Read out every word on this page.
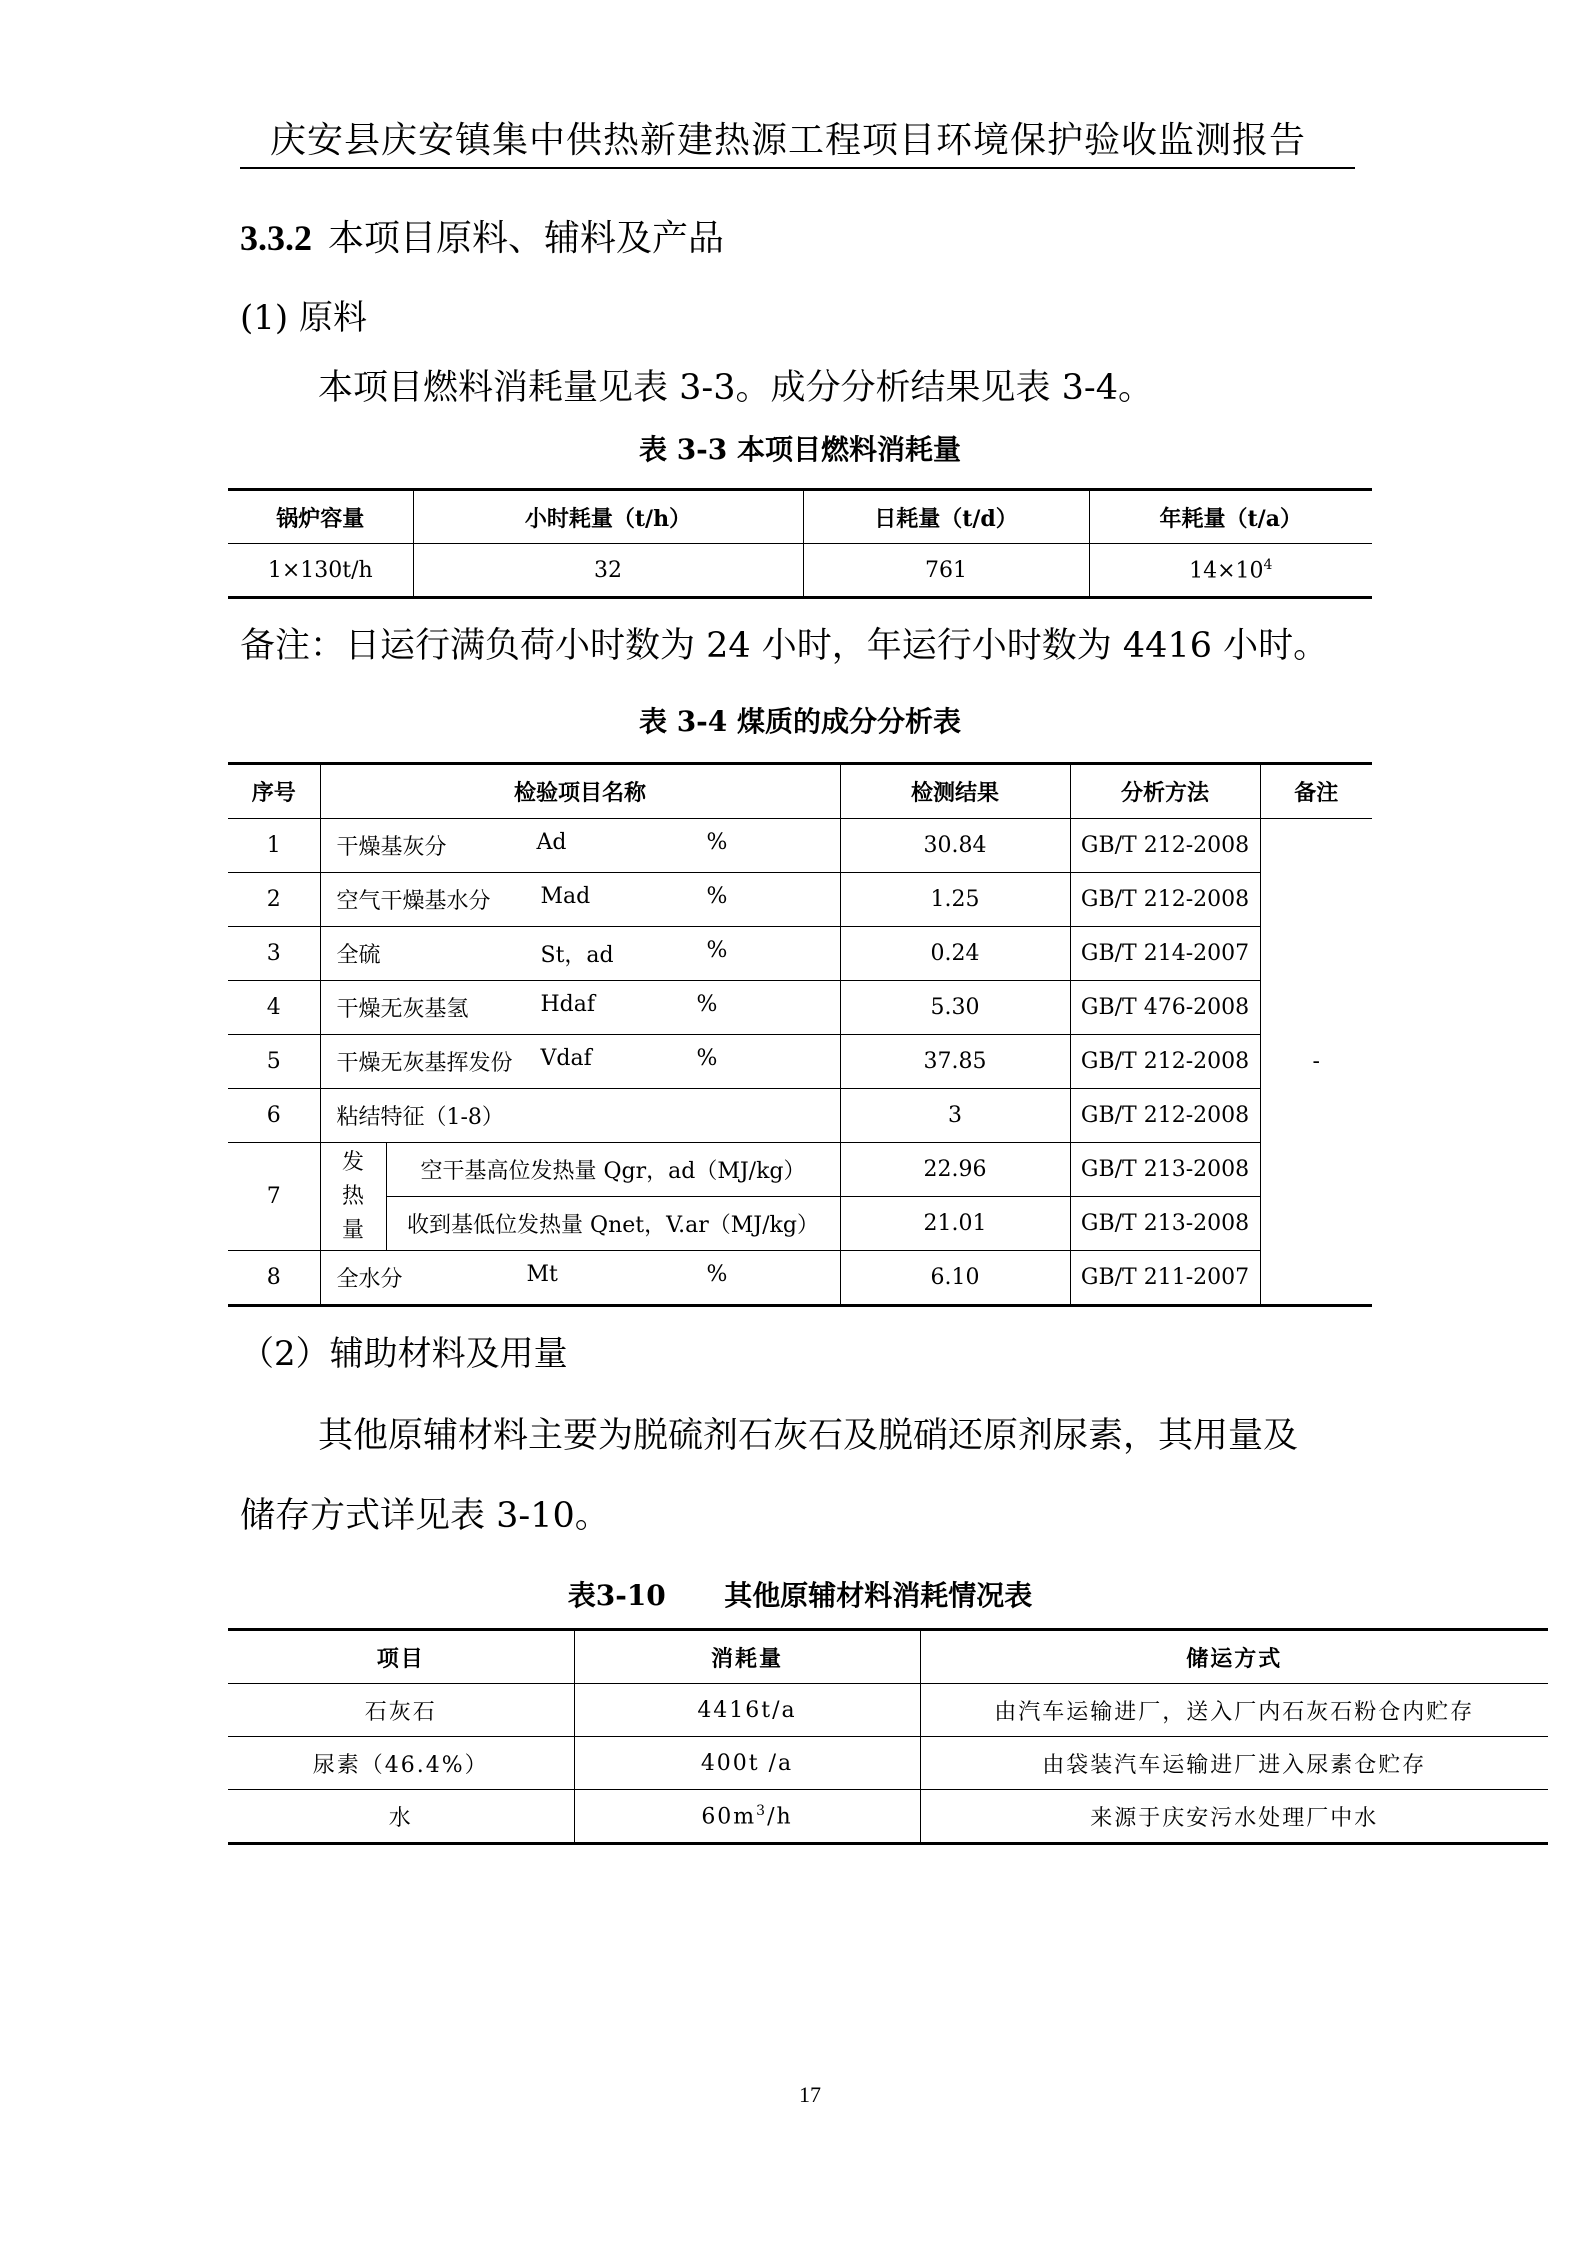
庆安县庆安镇集中供热新建热源工程项目环境保护验收监测报告
3.3.2 本项目原料、辅料及产品
(1) 原料
本项目燃料消耗量见表 3-3。成分分析结果见表 3-4。
表 3-3 本项目燃料消耗量
锅炉容量	小时耗量（t/h）	日耗量（t/d）	年耗量（t/a）
1×130t/h	32	761	$14\times 10^4$
备注：日运行满负荷小时数为 24 小时，年运行小时数为 4416 小时。
表 3-4 煤质的成分分析表
序号	检验项目名称		检测结果	分析方法	备注
1	干燥基灰分 Ad %		30.84	GB/T 212-2008	-
2	空气干燥基水分 Mad %		1.25	GB/T 212-2008	
3	全硫 St，ad %		0.24	GB/T 214-2007	
4	干燥无灰基氢 Hdaf %		5.30	GB/T 476-2008	
5	干燥无灰基挥发份 Vdaf %		37.85	GB/T 212-2008	
6	粘结特征（1-8）		3	GB/T 212-2008	
7	发热量	空干基高位发热量 Qgr，ad（MJ/kg）	22.96	GB/T 213-2008	
		收到基低位发热量 Qnet，V.ar（MJ/kg）	21.01	GB/T 213-2008	
8	全水分 Mt %		6.10	GB/T 211-2007	
（2）辅助材料及用量
其他原辅材料主要为脱硫剂石灰石及脱硝还原剂尿素，其用量及
储存方式详见表 3-10。
表3-10      其他原辅材料消耗情况表
项目	消耗量	储运方式
石灰石	4416t/a	由汽车运输进厂，送入厂内石灰石粉仓内贮存
尿素（46.4%）	400t /a	由袋装汽车运输进厂进入尿素仓贮存
水	$60m^3/h$	来源于庆安污水处理厂中水
17
